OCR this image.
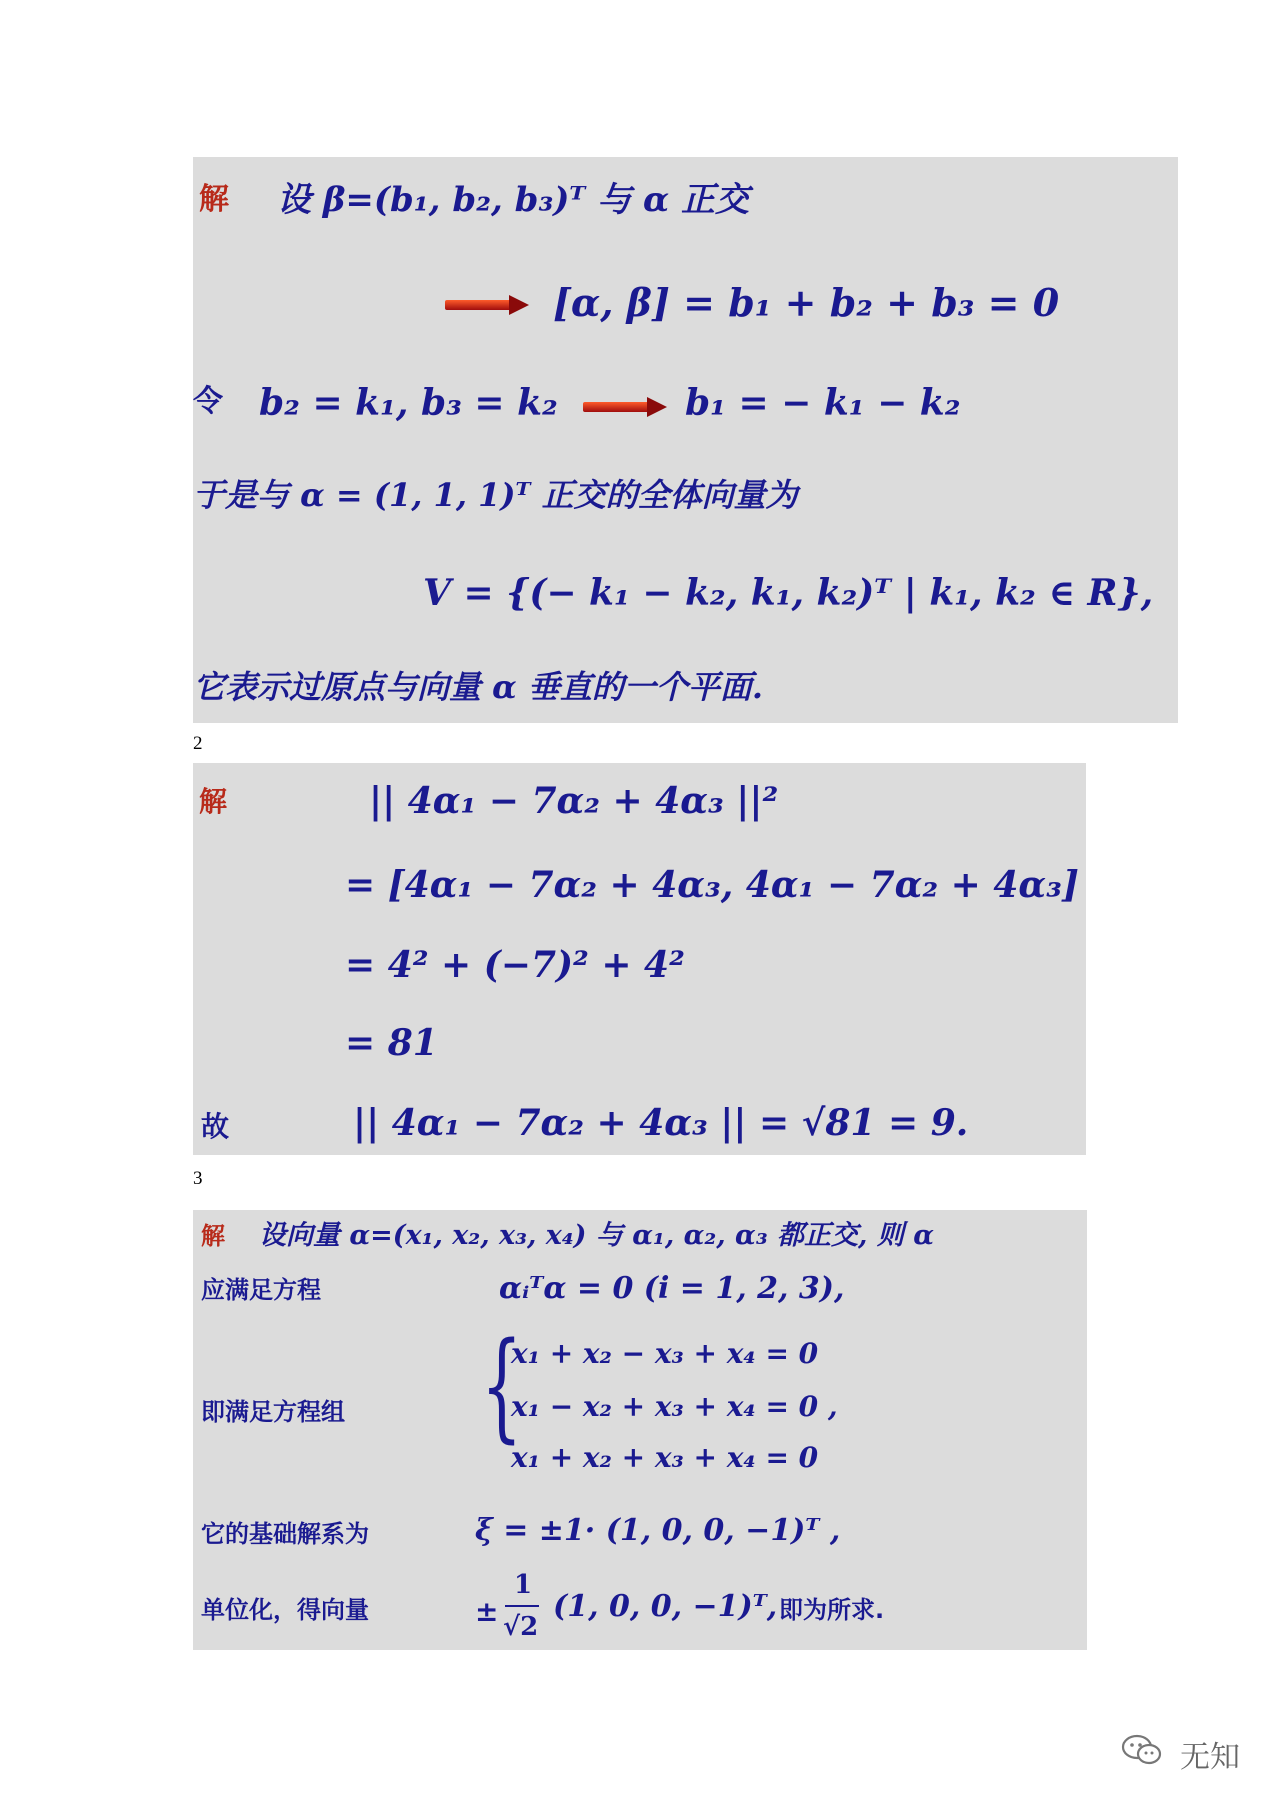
解 设 β=(b₁, b₂, b₃)ᵀ 与 α 正交
[α, β] = b₁ + b₂ + b₃ = 0
令 b₂ = k₁, b₃ = k₂	b₁ = − k₁ − k₂
于是与 α = (1, 1, 1)ᵀ 正交的全体向量为
V = {(− k₁ − k₂, k₁, k₂)ᵀ | k₁, k₂ ∈ R},
它表示过原点与向量 α 垂直的一个平面.
2
解	|| 4α₁ − 7α₂ + 4α₃ ||²
= [4α₁ − 7α₂ + 4α₃, 4α₁ − 7α₂ + 4α₃]
= 4² + (−7)² + 4²
= 81
故	|| 4α₁ − 7α₂ + 4α₃ || = √81 = 9.
3
解 设向量 α=(x₁, x₂, x₃, x₄) 与 α₁, α₂, α₃ 都正交, 则 α
应满足方程	αᵢᵀα = 0 (i = 1, 2, 3),
即满足方程组 {
x₁ + x₂ − x₃ + x₄ = 0
x₁ − x₂ + x₃ + x₄ = 0 ,
x₁ + x₂ + x₃ + x₄ = 0
它的基础解系为	ξ = ±1· (1, 0, 0, −1)ᵀ ,
单位化，得向量	±
1
√2
(1, 0, 0, −1)ᵀ, 即为所求.
无知
